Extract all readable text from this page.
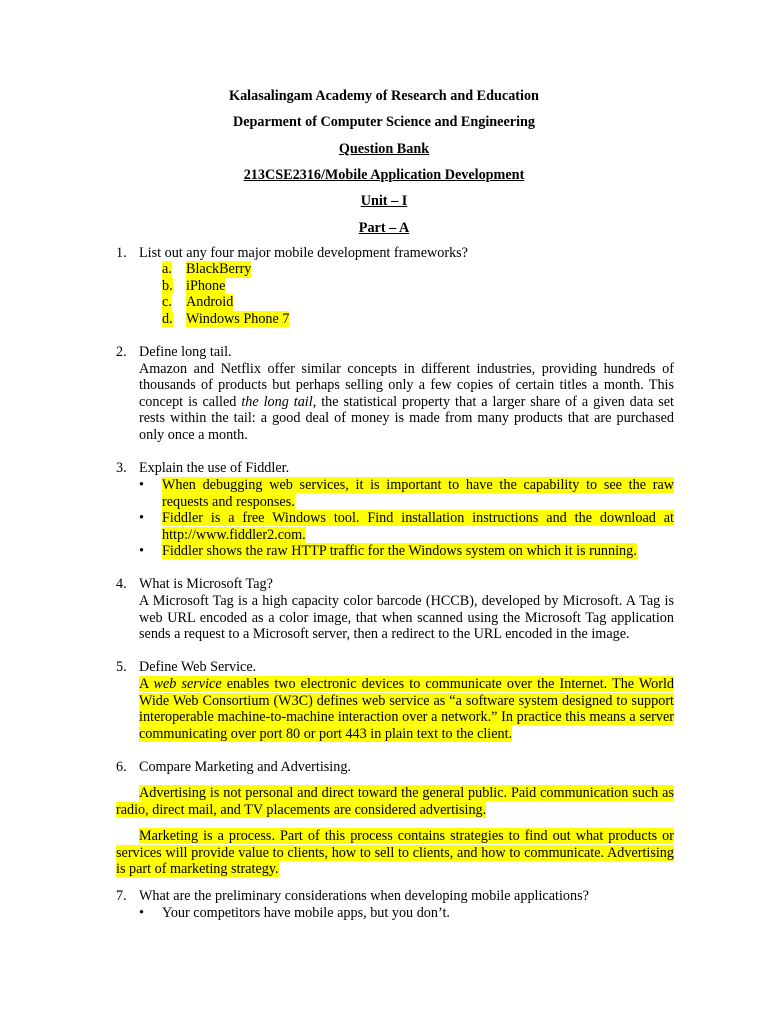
Kalasalingam Academy of Research and Education
Deparment of Computer Science and Engineering
Question Bank
213CSE2316/Mobile Application Development
Unit – I
Part – A
1. List out any four major mobile development frameworks?
a. BlackBerry
b. iPhone
c. Android
d. Windows Phone 7
2. Define long tail.
Amazon and Netflix offer similar concepts in different industries, providing hundreds of thousands of products but perhaps selling only a few copies of certain titles a month. This concept is called the long tail, the statistical property that a larger share of a given data set rests within the tail: a good deal of money is made from many products that are purchased only once a month.
3. Explain the use of Fiddler.
•	When debugging web services, it is important to have the capability to see the raw requests and responses.
•	Fiddler is a free Windows tool. Find installation instructions and the download at http://www.fiddler2.com.
•	Fiddler shows the raw HTTP traffic for the Windows system on which it is running.
4. What is Microsoft Tag?
A Microsoft Tag is a high capacity color barcode (HCCB), developed by Microsoft. A Tag is web URL encoded as a color image, that when scanned using the Microsoft Tag application sends a request to a Microsoft server, then a redirect to the URL encoded in the image.
5. Define Web Service.
A web service enables two electronic devices to communicate over the Internet. The World Wide Web Consortium (W3C) defines web service as “a software system designed to support interoperable machine-to-machine interaction over a network.” In practice this means a server communicating over port 80 or port 443 in plain text to the client.
6. Compare Marketing and Advertising.
Advertising is not personal and direct toward the general public. Paid communication such as radio, direct mail, and TV placements are considered advertising.
Marketing is a process. Part of this process contains strategies to find out what products or services will provide value to clients, how to sell to clients, and how to communicate. Advertising is part of marketing strategy.
7. What are the preliminary considerations when developing mobile applications?
•	Your competitors have mobile apps, but you don’t.
